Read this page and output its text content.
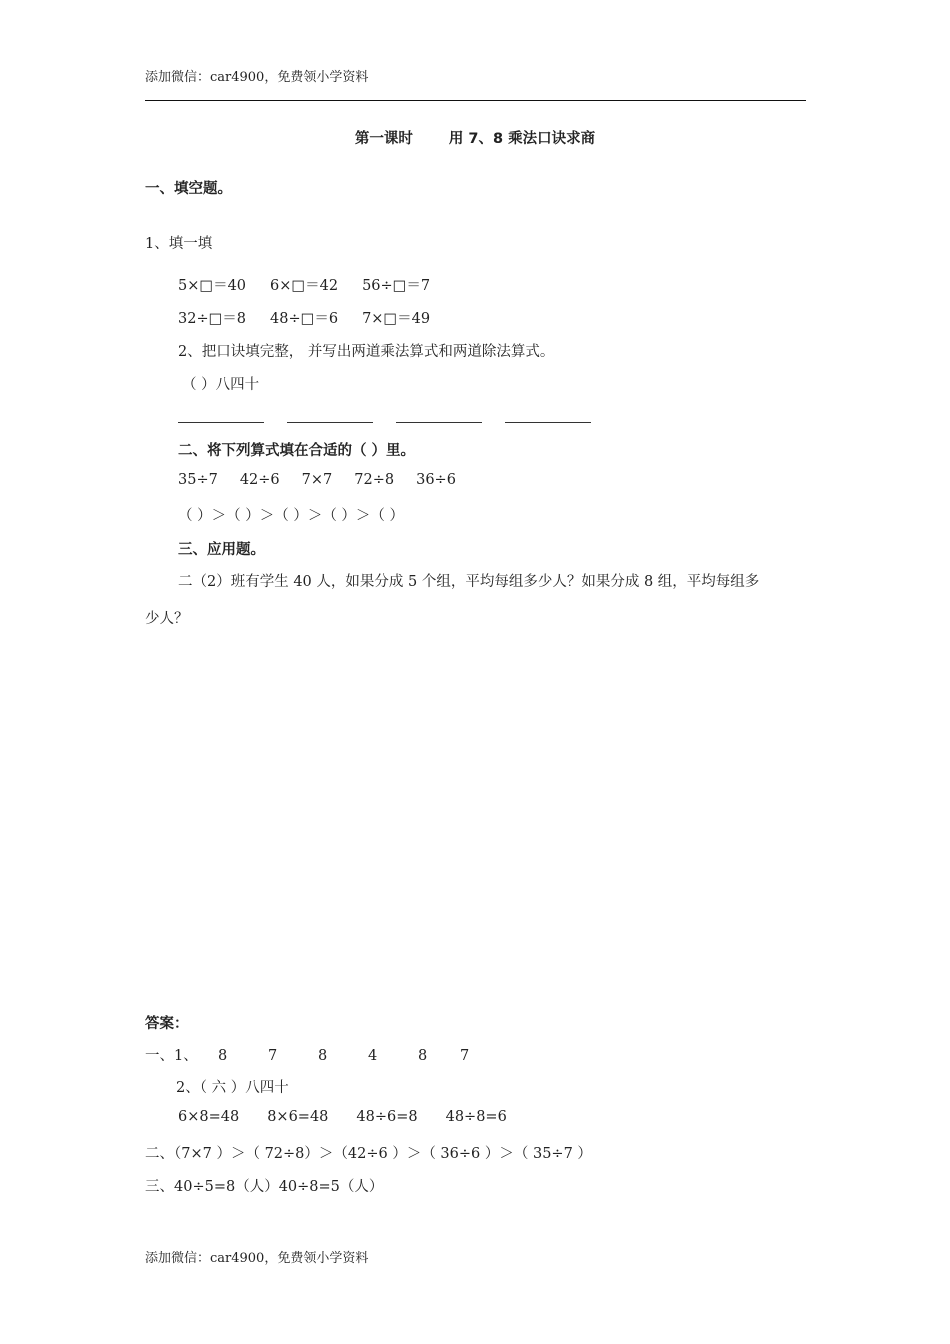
添加微信：car4900，免费领小学资料
第一课时 用 7、8 乘法口诀求商
一、填空题。
1、填一填
5×□＝40 6×□＝42 56÷□＝7
32÷□＝8 48÷□＝6 7×□＝49
2、把口诀填完整， 并写出两道乘法算式和两道除法算式。
（ ）八四十
二、将下列算式填在合适的（ ）里。
35÷7 42÷6 7×7 72÷8 36÷6
（ ）＞（ ）＞（ ）＞（ ）＞（ ）
三、应用题。
二（2）班有学生 40 人，如果分成 5 个组，平均每组多少人？如果分成 8 组，平均每组多
少人？
答案：
一、1、 8	7	8	4	8 7
2、（ 六 ）八四十
6×8=48 8×6=48 48÷6=8 48÷8=6
二、（7×7 ）＞（ 72÷8）＞（42÷6 ）＞（ 36÷6 ）＞（ 35÷7 ）
三、40÷5=8（人）40÷8=5（人）
添加微信：car4900，免费领小学资料
